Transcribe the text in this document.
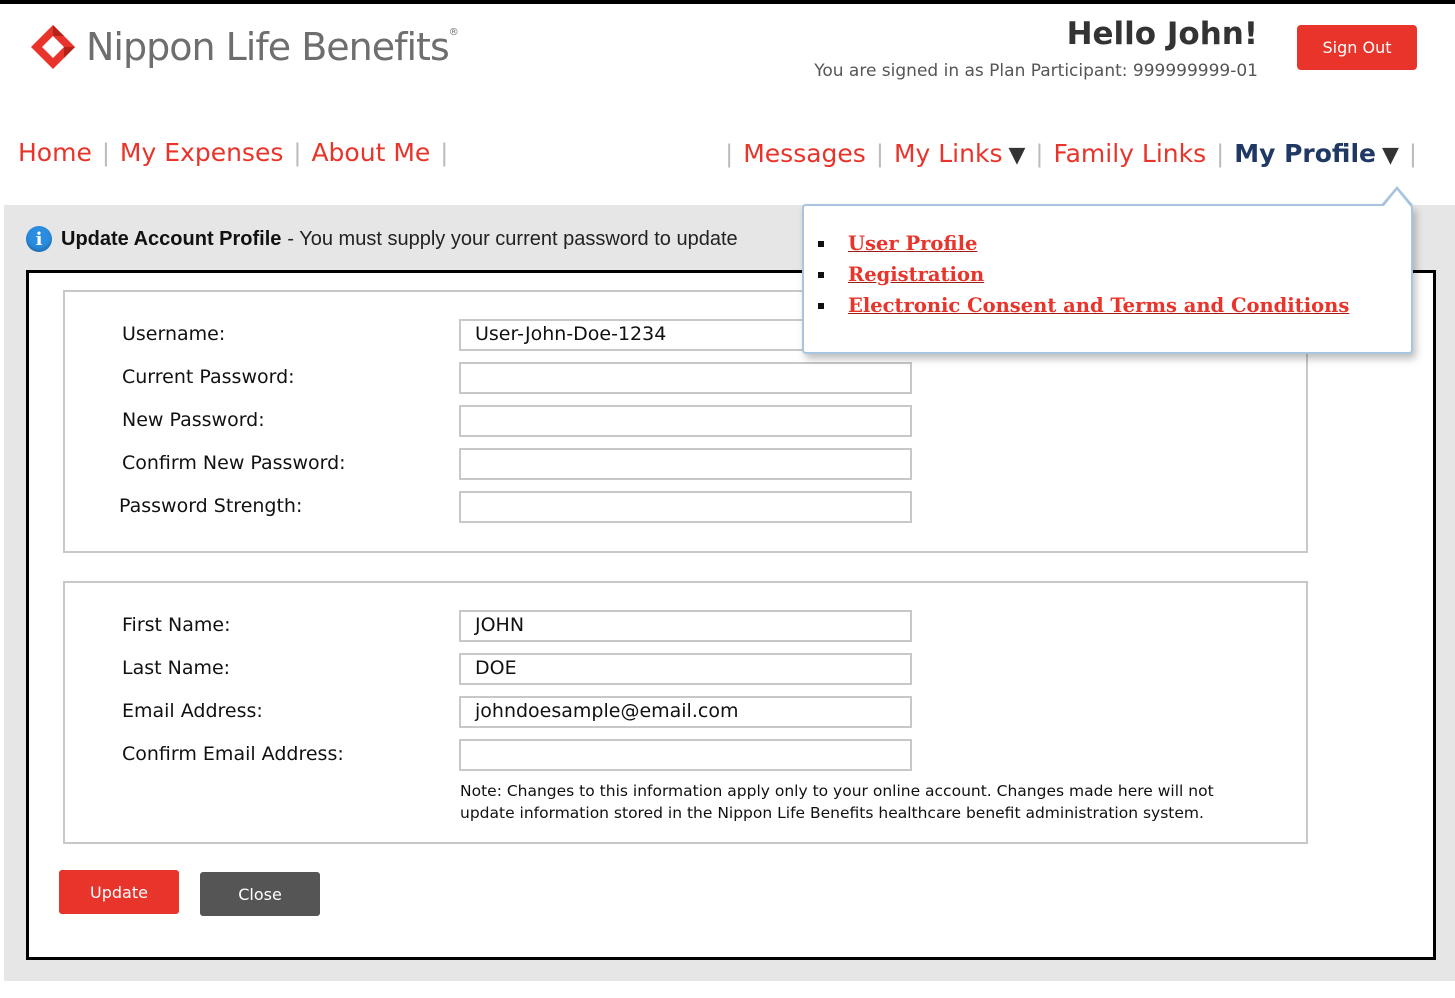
Nippon Life Benefits®	Hello John!
You are signed in as Plan Participant: 999999999-01
Sign Out
Home | My Expenses | About Me |	| Messages | My Links ▼ | Family Links | My Profile ▼ |
i Update Account Profile - You must supply your current password to update
Username:	User-John-Doe-1234
Current Password:
New Password:
Confirm New Password:
Password Strength:
First Name:	JOHN
Last Name:	DOE
Email Address:	johndoesample@email.com
Confirm Email Address:
Note: Changes to this information apply only to your online account. Changes made here will not update information stored in the Nippon Life Benefits healthcare benefit administration system.
Update	Close
User Profile
Registration
Electronic Consent and Terms and Conditions
